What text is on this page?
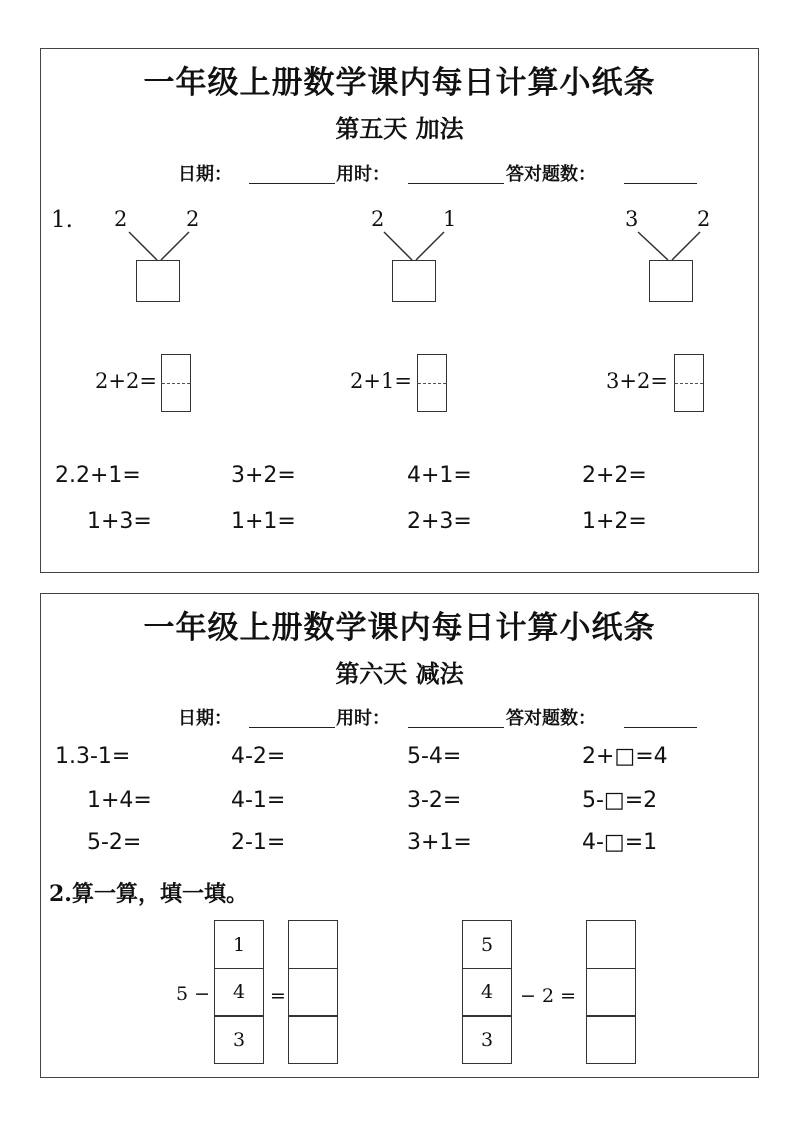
一年级上册数学课内每日计算小纸条
第五天 加法
日期：	用时：	答对题数：
1. 2	2
2+2=
2	1
2+1=
3	2
3+2=
2.2+1=	3+2=	4+1=	2+2=
1+3=	1+1=	2+3=	1+2=
一年级上册数学课内每日计算小纸条
第六天 减法
日期：	用时：	答对题数：
1.3-1=	4-2=	5-4=	2+□=4
1+4=	4-1=	3-2=	5-□=2
5-2=	2-1=	3+1=	4-□=1
2.算一算，填一填。
5 −
1
4
3
=
5
4
3
− 2 =
